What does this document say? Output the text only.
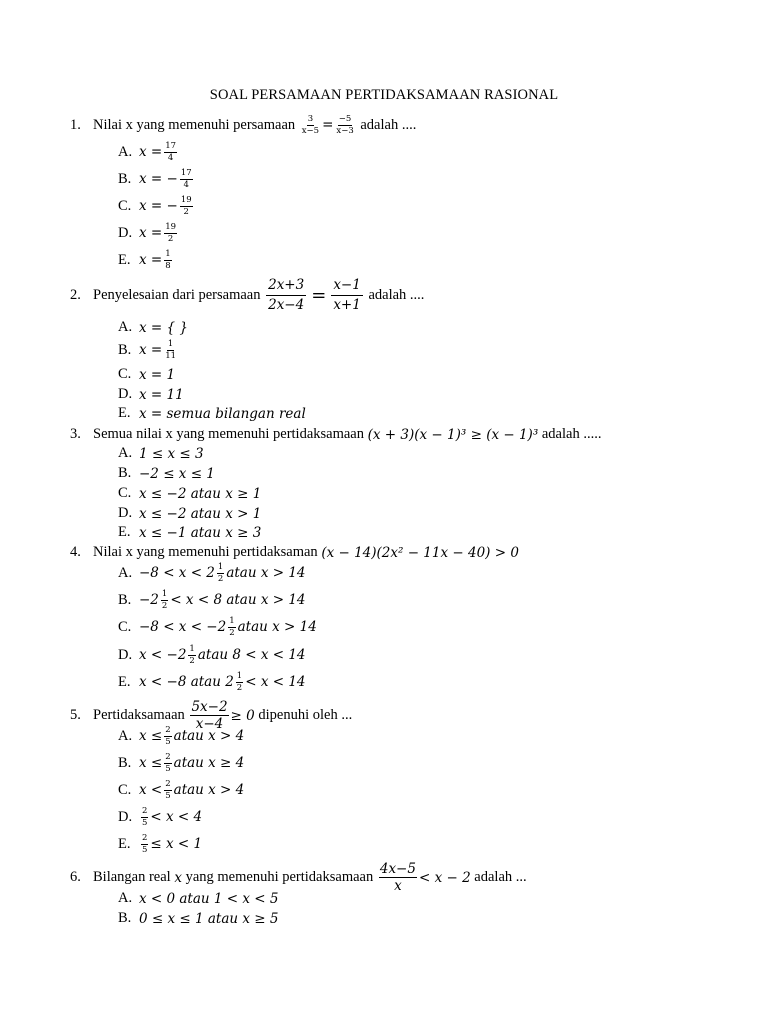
SOAL PERSAMAAN PERTIDAKSAMAAN RASIONAL
1. Nilai x yang memenuhi persamaan
$\frac{3}{x-5} = \frac{-5}{x-3}$
adalah ....
A. $x = \frac{17}{4}$
B. x = − $\frac{17}{4}$
C. x = − $\frac{19}{2}$
D. $x = \frac{19}{2}$
E. $x = \frac{1}{8}$
2. Penyelesaian dari persamaan
$\frac{2x+3}{2x-4} = \frac{x-1}{x+1}$
adalah ....
A. x = { }
B. $x = \frac{1}{11}$
C. x = 1
D. x = 11
E. x = semua bilangan real
3. Semua nilai x yang memenuhi pertidaksamaan
(x + 3)(x − 1)³ ≥ (x − 1)³
adalah .....
A. 1 ≤ x ≤ 3
B. −2 ≤ x ≤ 1
C. x ≤ −2 atau x ≥ 1
D. x ≤ −2 atau x > 1
E. x ≤ −1 atau x ≥ 3
4. Nilai x yang memenuhi pertidaksaman
(x − 14)(2x² − 11x − 40) > 0
A. $-8 < x < 2 \frac{1}{2}$ atau x > 14
B. $-2 \frac{1}{2} < x < 8$ atau x > 14
C. $-8 < x < -2 \frac{1}{2}$ atau x > 14
D. $x < -2 \frac{1}{2}$ atau 8 < x < 14
E. x < −8 atau $2 \frac{1}{2} < x < 14$
5. Pertidaksamaan
$\frac{5x-2}{x-4} \ge 0$
dipenuhi oleh ...
A. $x \le \frac{2}{5}$ atau x > 4
B. $x \le \frac{2}{5}$ atau x ≥ 4
C. $x < \frac{2}{5}$ atau x > 4
D.	$\frac{2}{5} < x < 4$
E.	$\frac{2}{5} \le x < 1$
6. Bilangan real
x
yang memenuhi pertidaksamaan
$\frac{4x-5}{x} < x - 2$
adalah ...
A. x < 0 atau 1 < x < 5
B. 0 ≤ x ≤ 1 atau x ≥ 5
